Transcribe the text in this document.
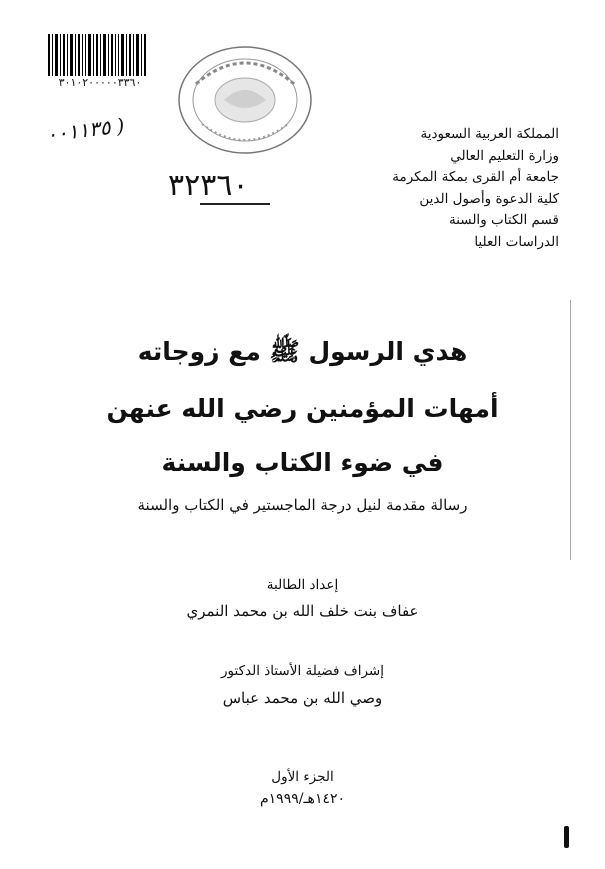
٣٠١٠٢٠٠٠٠٠٣٣٦٠
٠٠١١٣٥ )
٣٢٣٦٠
المملكة العربية السعودية
وزارة التعليم العالي
جامعة أم القرى بمكة المكرمة
كلية الدعوة وأصول الدين
قسم الكتاب والسنة
الدراسات العليا
هدي الرسول ﷺ مع زوجاته
أمهات المؤمنين رضي الله عنهن
في ضوء الكتاب والسنة
رسالة مقدمة لنيل درجة الماجستير في الكتاب والسنة
إعداد الطالبة
عفاف بنت خلف الله بن محمد النمري
إشراف فضيلة الأستاذ الدكتور
وصي الله بن محمد عباس
الجزء الأول
١٤٢٠هـ/١٩٩٩م
